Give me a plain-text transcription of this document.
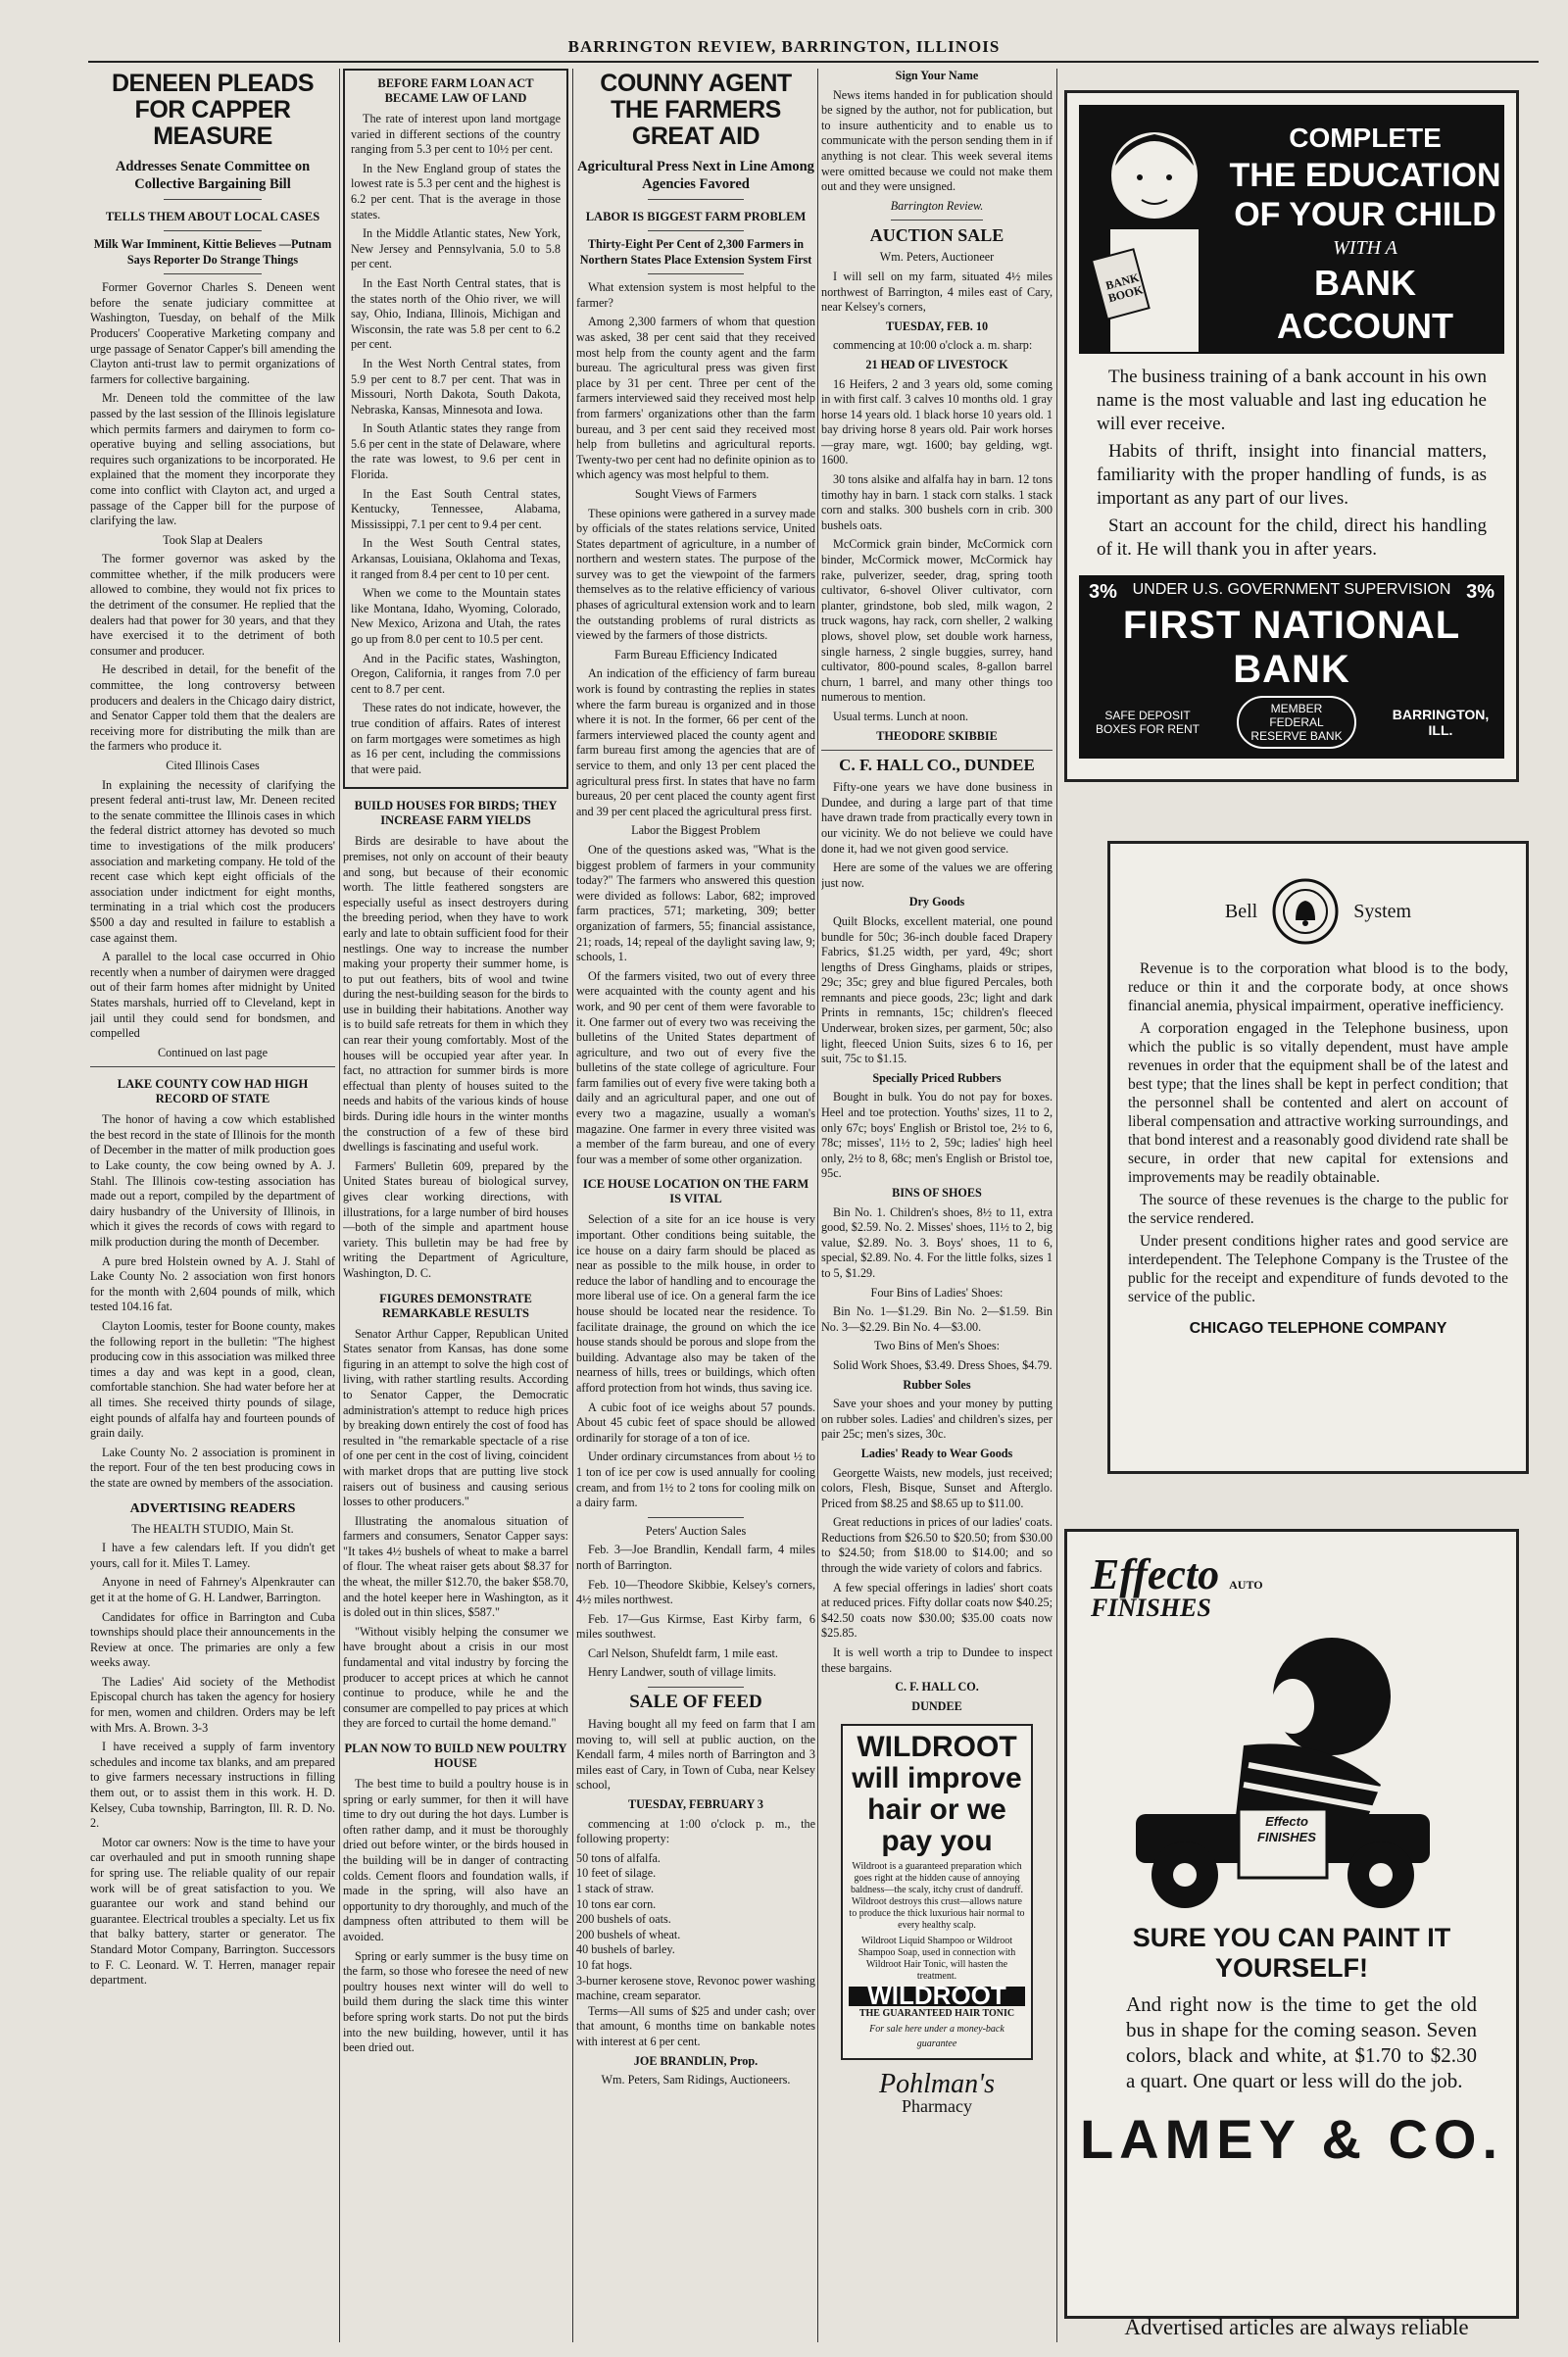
BARRINGTON REVIEW, BARRINGTON, ILLINOIS
DENEEN PLEADS FOR CAPPER MEASURE
Addresses Senate Committee on Collective Bargaining Bill
TELLS THEM ABOUT LOCAL CASES

Milk War Imminent, Kittie Believes —Putnam Says Reporter Do Strange Things

Former Governor Charles S. Deneen went before the senate judiciary committee at Washington, Tuesday, on behalf of the Milk Producers' Cooperative Marketing company and urge passage of Senator Capper's bill amending the Clayton anti-trust law to permit organizations of farmers for collective bargaining.

Mr. Deneen told the committee of the law passed by the last session of the Illinois legislature which permits farmers and dairymen to form co-operative buying and selling associations, but requires such organizations to be incorporated. He explained that the moment they incorporate they come into conflict with Clayton act, and urged a passage of the Capper bill for the purpose of clarifying the law.

Took Slap at Dealers

The former governor was asked by the committee whether, if the milk producers were allowed to combine, they would not fix prices to the detriment of the consumer. He replied that the dealers had that power for 30 years, and that they have exercised it to the detriment of both consumer and producer.

He described in detail, for the benefit of the committee, the long controversy between producers and dealers in the Chicago dairy district, and Senator Capper told them that the dealers are receiving more for distributing the milk than are the farmers who produce it.

Cited Illinois Cases

In explaining the necessity of clarifying the present federal anti-trust law, Mr. Deneen recited to the senate committee the Illinois cases in which the federal district attorney has devoted so much time to investigations of the milk producers' association and marketing company. He told of the recent case which kept eight officials of the association under indictment for eight months, terminating in a trial which cost the producers $500 a day and resulted in failure to establish a case against them.

A parallel to the local case occurred in Ohio recently when a number of dairymen were dragged out of their farm homes after midnight by United States marshals, hurried off to Cleveland, kept in jail until they could send for bondsmen, and compelled

Continued on last page

LAKE COUNTY COW HAD HIGH RECORD OF STATE

The honor of having a cow which established the best record in the state of Illinois for the month of December in the matter of milk production goes to Lake county, the cow being owned by A. J. Stahl. The Illinois cow-testing association has made out a report, compiled by the department of dairy husbandry of the University of Illinois, in which it gives the records of cows with regard to milk production during the month of December.

A pure bred Holstein owned by A. J. Stahl of Lake County No. 2 association won first honors for the month with 2,604 pounds of milk, which tested 104.16 fat.

Clayton Loomis, tester for Boone county, makes the following report in the bulletin: "The highest producing cow in this association was milked three times a day and was kept in a good, clean, comfortable stanchion. She had water before her at all times. She received thirty pounds of silage, eight pounds of alfalfa hay and fourteen pounds of grain daily.

Lake County No. 2 association is prominent in the report. Four of the ten best producing cows in the state are owned by members of the association.

ADVERTISING READERS

The HEALTH STUDIO, Main St.

I have a few calendars left. If you didn't get yours, call for it. Miles T. Lamey.

Anyone in need of Fahrney's Alpenkrauter can get it at the home of G. H. Landwer, Barrington.

Candidates for office in Barrington and Cuba townships should place their announcements in the Review at once. The primaries are only a few weeks away.

The Ladies' Aid society of the Methodist Episcopal church has taken the agency for hosiery for men, women and children. Orders may be left with Mrs. A. Brown. 3-3

I have received a supply of farm inventory schedules and income tax blanks, and am prepared to give farmers necessary instructions in filling them out, or to assist them in this work. H. D. Kelsey, Cuba township, Barrington, Ill. R. D. No. 2.

Motor car owners: Now is the time to have your car overhauled and put in smooth running shape for spring use. The reliable quality of our repair work will be of great satisfaction to you. We guarantee our work and stand behind our guarantee. Electrical troubles a specialty. Let us fix that balky battery, starter or generator. The Standard Motor Company, Barrington. Successors to F. C. Leonard. W. T. Herren, manager repair department.

BEFORE FARM LOAN ACT BECAME LAW OF LAND

The rate of interest upon land mortgage varied in different sections of the country ranging from 5.3 per cent to 10½ per cent.

In the New England group of states the lowest rate is 5.3 per cent and the highest is 6.2 per cent. That is the average in those states.

In the Middle Atlantic states, New York, New Jersey and Pennsylvania, 5.0 to 5.8 per cent.

In the East North Central states, that is the states north of the Ohio river, we will say, Ohio, Indiana, Illinois, Michigan and Wisconsin, the rate was 5.8 per cent to 6.2 per cent.

In the West North Central states, from 5.9 per cent to 8.7 per cent. That was in Missouri, North Dakota, South Dakota, Nebraska, Kansas, Minnesota and Iowa.

In South Atlantic states they range from 5.6 per cent in the state of Delaware, where the rate was lowest, to 9.6 per cent in Florida.

In the East South Central states, Kentucky, Tennessee, Alabama, Mississippi, 7.1 per cent to 9.4 per cent.

In the West South Central states, Arkansas, Louisiana, Oklahoma and Texas, it ranged from 8.4 per cent to 10 per cent.

When we come to the Mountain states like Montana, Idaho, Wyoming, Colorado, New Mexico, Arizona and Utah, the rates go up from 8.0 per cent to 10.5 per cent.

And in the Pacific states, Washington, Oregon, California, it ranges from 7.0 per cent to 8.7 per cent.

These rates do not indicate, however, the true condition of affairs. Rates of interest on farm mortgages were sometimes as high as 16 per cent, including the commissions that were paid.

BUILD HOUSES FOR BIRDS; THEY INCREASE FARM YIELDS

Birds are desirable to have about the premises, not only on account of their beauty and song, but because of their economic worth. The little feathered songsters are especially useful as insect destroyers during the breeding period, when they have to work early and late to obtain sufficient food for their nestlings. One way to increase the number making your property their summer home, is to put out feathers, bits of wool and twine during the nest-building season for the birds to use in building their habitations. Another way is to build safe retreats for them in which they can rear their young comfortably. Most of the houses will be occupied year after year. In fact, no attraction for summer birds is more effectual than plenty of houses suited to the needs and habits of the various kinds of house birds. During idle hours in the winter months the construction of a few of these bird dwellings is fascinating and useful work.

Farmers' Bulletin 609, prepared by the United States bureau of biological survey, gives clear working directions, with illustrations, for a large number of bird houses—both of the simple and apartment house variety. This bulletin may be had free by writing the Department of Agriculture, Washington, D. C.

FIGURES DEMONSTRATE REMARKABLE RESULTS

Senator Arthur Capper, Republican United States senator from Kansas, has done some figuring in an attempt to solve the high cost of living, with rather startling results. According to Senator Capper, the Democratic administration's attempt to reduce high prices by breaking down entirely the cost of food has resulted in "the remarkable spectacle of a rise of one per cent in the cost of living, coincident with market drops that are putting live stock raisers out of business and causing serious losses to other producers."

Illustrating the anomalous situation of farmers and consumers, Senator Capper says: "It takes 4½ bushels of wheat to make a barrel of flour. The wheat raiser gets about $8.37 for the wheat, the miller $12.70, the baker $58.70, and the hotel keeper here in Washington, as it is doled out in thin slices, $587."

"Without visibly helping the consumer we have brought about a crisis in our most fundamental and vital industry by forcing the producer to accept prices at which he cannot continue to produce, while he and the consumer are compelled to pay prices at which they are forced to curtail the home demand."

PLAN NOW TO BUILD NEW POULTRY HOUSE

The best time to build a poultry house is in spring or early summer, for then it will have time to dry out during the hot days. Lumber is often rather damp, and it must be thoroughly dried out before winter, or the birds housed in the building will be in danger of contracting colds. Cement floors and foundation walls, if made in the spring, will also have an opportunity to dry thoroughly, and much of the dampness often attributed to them will be avoided.

Spring or early summer is the busy time on the farm, so those who foresee the need of new poultry houses next winter will do well to build them during the slack time this winter before spring work starts. Do not put the birds into the new building, however, until it has been dried out.

COUNNY AGENT THE FARMERS GREAT AID
Agricultural Press Next in Line Among Agencies Favored
LABOR IS BIGGEST FARM PROBLEM

Thirty-Eight Per Cent of 2,300 Farmers in Northern States Place Extension System First

What extension system is most helpful to the farmer?

Among 2,300 farmers of whom that question was asked, 38 per cent said that they received most help from the county agent and the farm bureau. The agricultural press was given first place by 31 per cent. Three per cent of the farmers interviewed said they received most help from farmers' organizations other than the farm bureau, and 3 per cent said they received most help from bulletins and agricultural reports. Twenty-two per cent had no definite opinion as to which agency was most helpful to them.

Sought Views of Farmers

These opinions were gathered in a survey made by officials of the states relations service, United States department of agriculture, in a number of northern and western states. The purpose of the survey was to get the viewpoint of the farmers themselves as to the relative efficiency of various phases of agricultural extension work and to learn the outstanding problems of rural districts as viewed by the farmers of those districts.

Farm Bureau Efficiency Indicated

An indication of the efficiency of farm bureau work is found by contrasting the replies in states where the farm bureau is organized and in those where it is not. In the former, 66 per cent of the farmers interviewed placed the county agent and farm bureau first among the agencies that are of service to them, and only 13 per cent placed the agricultural press first. In states that have no farm bureaus, 20 per cent placed the county agent first and 39 per cent placed the agricultural press first.

Labor the Biggest Problem

One of the questions asked was, "What is the biggest problem of farmers in your community today?" The farmers who answered this question were divided as follows: Labor, 682; improved farm practices, 571; marketing, 309; better organization of farmers, 55; financial assistance, 21; roads, 14; repeal of the daylight saving law, 9; schools, 1.

Of the farmers visited, two out of every three were acquainted with the county agent and his work, and 90 per cent of them were favorable to it. One farmer out of every two was receiving the bulletins of the United States department of agriculture, and two out of every five the bulletins of the state college of agriculture. Four farm families out of every five were taking both a daily and an agricultural paper, and one out of every two a magazine, usually a woman's magazine. One farmer in every three visited was a member of the farm bureau, and one of every four was a member of some other organization.

ICE HOUSE LOCATION ON THE FARM IS VITAL

Selection of a site for an ice house is very important. Other conditions being suitable, the ice house on a dairy farm should be placed as near as possible to the milk house, in order to reduce the labor of handling and to encourage the more liberal use of ice. On a general farm the ice house should be located near the residence. To facilitate drainage, the ground on which the ice house stands should be porous and slope from the building. Advantage also may be taken of the nearness of hills, trees or buildings, which often afford protection from hot winds, thus saving ice.

A cubic foot of ice weighs about 57 pounds. About 45 cubic feet of space should be allowed ordinarily for storage of a ton of ice.

Under ordinary circumstances from about ½ to 1 ton of ice per cow is used annually for cooling cream, and from 1½ to 2 tons for cooling milk on a dairy farm.

Peters' Auction Sales

Feb. 3—Joe Brandlin, Kendall farm, 4 miles north of Barrington.

Feb. 10—Theodore Skibbie, Kelsey's corners, 4½ miles northwest.

Feb. 17—Gus Kirmse, East Kirby farm, 6 miles southwest.

Carl Nelson, Shufeldt farm, 1 mile east.

Henry Landwer, south of village limits.

SALE OF FEED

Having bought all my feed on farm that I am moving to, will sell at public auction, on the Kendall farm, 4 miles north of Barrington and 3 miles east of Cary, in Town of Cuba, near Kelsey school,

TUESDAY, FEBRUARY 3

commencing at 1:00 o'clock p. m., the following property:

50 tons of alfalfa.
10 feet of silage.
1 stack of straw.
10 tons ear corn.
200 bushels of oats.
200 bushels of wheat.
40 bushels of barley.
10 fat hogs.
3-burner kerosene stove, Revonoc power washing machine, cream separator.

Terms—All sums of $25 and under cash; over that amount, 6 months time on bankable notes with interest at 6 per cent.

JOE BRANDLIN, Prop.

Wm. Peters, Sam Ridings, Auctioneers.

Sign Your Name

News items handed in for publication should be signed by the author, not for publication, but to insure authenticity and to enable us to communicate with the person sending them in if anything is not clear. This week several items were omitted because we could not make them out and they were unsigned.

Barrington Review.

AUCTION SALE

Wm. Peters, Auctioneer

I will sell on my farm, situated 4½ miles northwest of Barrington, 4 miles east of Cary, near Kelsey's corners,

TUESDAY, FEB. 10

commencing at 10:00 o'clock a. m. sharp:

21 HEAD OF LIVESTOCK

16 Heifers, 2 and 3 years old, some coming in with first calf. 3 calves 10 months old. 1 gray horse 14 years old. 1 black horse 10 years old. 1 bay driving horse 8 years old. Pair work horses—gray mare, wgt. 1600; bay gelding, wgt. 1600.

30 tons alsike and alfalfa hay in barn. 12 tons timothy hay in barn. 1 stack corn stalks. 1 stack corn and stalks. 300 bushels corn in crib. 300 bushels oats.

McCormick grain binder, McCormick corn binder, McCormick mower, McCormick hay rake, pulverizer, seeder, drag, spring tooth cultivator, 6-shovel Oliver cultivator, corn planter, grindstone, bob sled, milk wagon, 2 truck wagons, hay rack, corn sheller, 2 walking plows, shovel plow, set double work harness, single harness, 2 single buggies, surrey, hand cultivator, 800-pound scales, 8-gallon barrel churn, 1 barrel, and many other things too numerous to mention.

Usual terms. Lunch at noon.

THEODORE SKIBBIE

C. F. HALL CO., DUNDEE

Fifty-one years we have done business in Dundee, and during a large part of that time have drawn trade from practically every town in our vicinity. We do not believe we could have done it, had we not given good service.

Here are some of the values we are offering just now.

Dry Goods

Quilt Blocks, excellent material, one pound bundle for 50c; 36-inch double faced Drapery Fabrics, $1.25 width, per yard, 49c; short lengths of Dress Ginghams, plaids or stripes, 29c; 35c; grey and blue figured Percales, both remnants and piece goods, 23c; light and dark Prints in remnants, 15c; children's fleeced Underwear, broken sizes, per garment, 50c; also light, fleeced Union Suits, sizes 6 to 16, per suit, 75c to $1.15.

Specially Priced Rubbers

Bought in bulk. You do not pay for boxes. Heel and toe protection. Youths' sizes, 11 to 2, only 67c; boys' English or Bristol toe, 2½ to 6, 78c; misses', 11½ to 2, 59c; ladies' high heel only, 2½ to 8, 68c; men's English or Bristol toe, 95c.

BINS OF SHOES

Bin No. 1. Children's shoes, 8½ to 11, extra good, $2.59. No. 2. Misses' shoes, 11½ to 2, big value, $2.89. No. 3. Boys' shoes, 11 to 6, special, $2.89. No. 4. For the little folks, sizes 1 to 5, $1.29.

Four Bins of Ladies' Shoes:

Bin No. 1—$1.29. Bin No. 2—$1.59. Bin No. 3—$2.29. Bin No. 4—$3.00.

Two Bins of Men's Shoes:

Solid Work Shoes, $3.49. Dress Shoes, $4.79.

Rubber Soles

Save your shoes and your money by putting on rubber soles. Ladies' and children's sizes, per pair 25c; men's sizes, 30c.

Ladies' Ready to Wear Goods

Georgette Waists, new models, just received; colors, Flesh, Bisque, Sunset and Afterglo. Priced from $8.25 and $8.65 up to $11.00.

Great reductions in prices of our ladies' coats. Reductions from $26.50 to $20.50; from $30.00 to $24.50; from $18.00 to $14.00; and so through the wide variety of colors and fabrics.

A few special offerings in ladies' short coats at reduced prices. Fifty dollar coats now $40.25; $42.50 coats now $30.00; $35.00 coats now $25.85.

It is well worth a trip to Dundee to inspect these bargains.

C. F. HALL CO.

DUNDEE

WILDROOT
will improve
hair or we
pay you

Wildroot is a guaranteed preparation which goes right at the hidden cause of annoying baldness—the scaly, itchy crust of dandruff. Wildroot destroys this crust—allows nature to produce the thick luxurious hair normal to every healthy scalp.

Wildroot Liquid Shampoo or Wildroot Shampoo Soap, used in connection with Wildroot Hair Tonic, will hasten the treatment.

WILDROOT
THE GUARANTEED HAIR TONIC
For sale here under a money-back guarantee
Pohlman's
Pharmacy
BANK BOOK
COMPLETE
THE EDUCATION
OF YOUR CHILD
WITH A
BANK ACCOUNT

The business training of a bank account in his own name is the most valuable and last ing education he will ever receive.

Habits of thrift, insight into financial matters, familiarity with the proper handling of funds, is as important as any part of our lives.

Start an account for the child, direct his handling of it. He will thank you in after years.

3% UNDER U.S. GOVERNMENT SUPERVISION 3%
FIRST NATIONAL BANK
SAFE DEPOSIT BOXES FOR RENT
MEMBER FEDERAL RESERVE BANK
BARRINGTON, ILL.
Bell	System

Revenue is to the corporation what blood is to the body, reduce or thin it and the corporate body, at once shows financial anemia, physical impairment, operative inefficiency.

A corporation engaged in the Telephone business, upon which the public is so vitally dependent, must have ample revenues in order that the equipment shall be of the latest and best type; that the lines shall be kept in perfect condition; that the personnel shall be contented and alert on account of liberal compensation and attractive working surroundings, and that bond interest and a reasonably good dividend rate shall be secure, in order that new capital for extensions and improvements may be readily obtainable.

The source of these revenues is the charge to the public for the service rendered.

Under present conditions higher rates and good service are interdependent. The Telephone Company is the Trustee of the public for the receipt and expenditure of funds devoted to the service of the public.

CHICAGO TELEPHONE COMPANY
Effecto AUTO
FINISHES
Effecto FINISHES
SURE YOU CAN PAINT IT YOURSELF!

And right now is the time to get the old bus in shape for the coming season. Seven colors, black and white, at $1.70 to $2.30 a quart. One quart or less will do the job.

LAMEY & CO.
Advertised articles are always reliable
